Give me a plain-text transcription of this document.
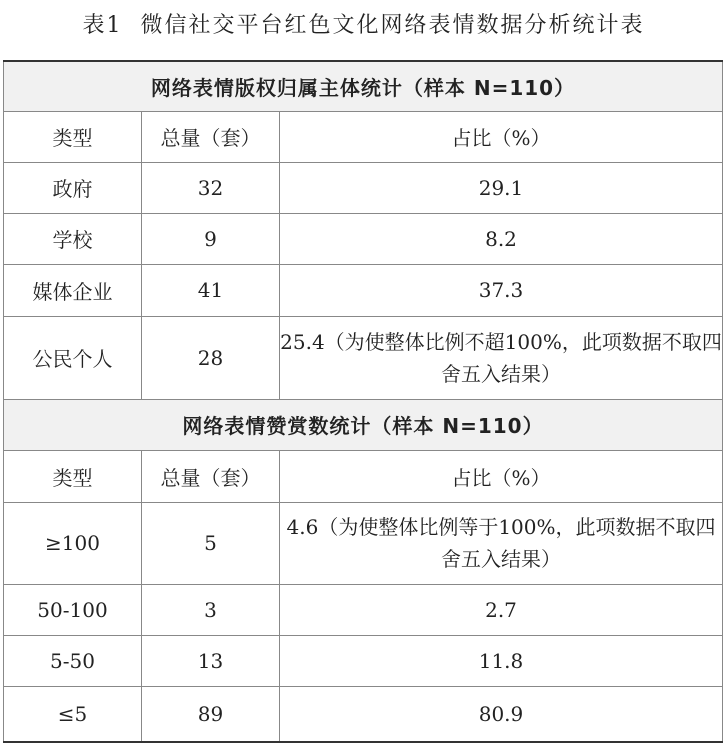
表1 微信社交平台红色文化网络表情数据分析统计表
网络表情版权归属主体统计（样本 N=110）		
类型	总量（套）	占比（%）
政府	32	29.1
学校	9	8.2
媒体企业	41	37.3
公民个人	28	25.4（为使整体比例不超100%，此项数据不取四舍五入结果）
网络表情赞赏数统计（样本 N=110）		
类型	总量（套）	占比（%）
≥100	5	4.6（为使整体比例等于100%，此项数据不取四舍五入结果）
50-100	3	2.7
5-50	13	11.8
≤5	89	80.9
